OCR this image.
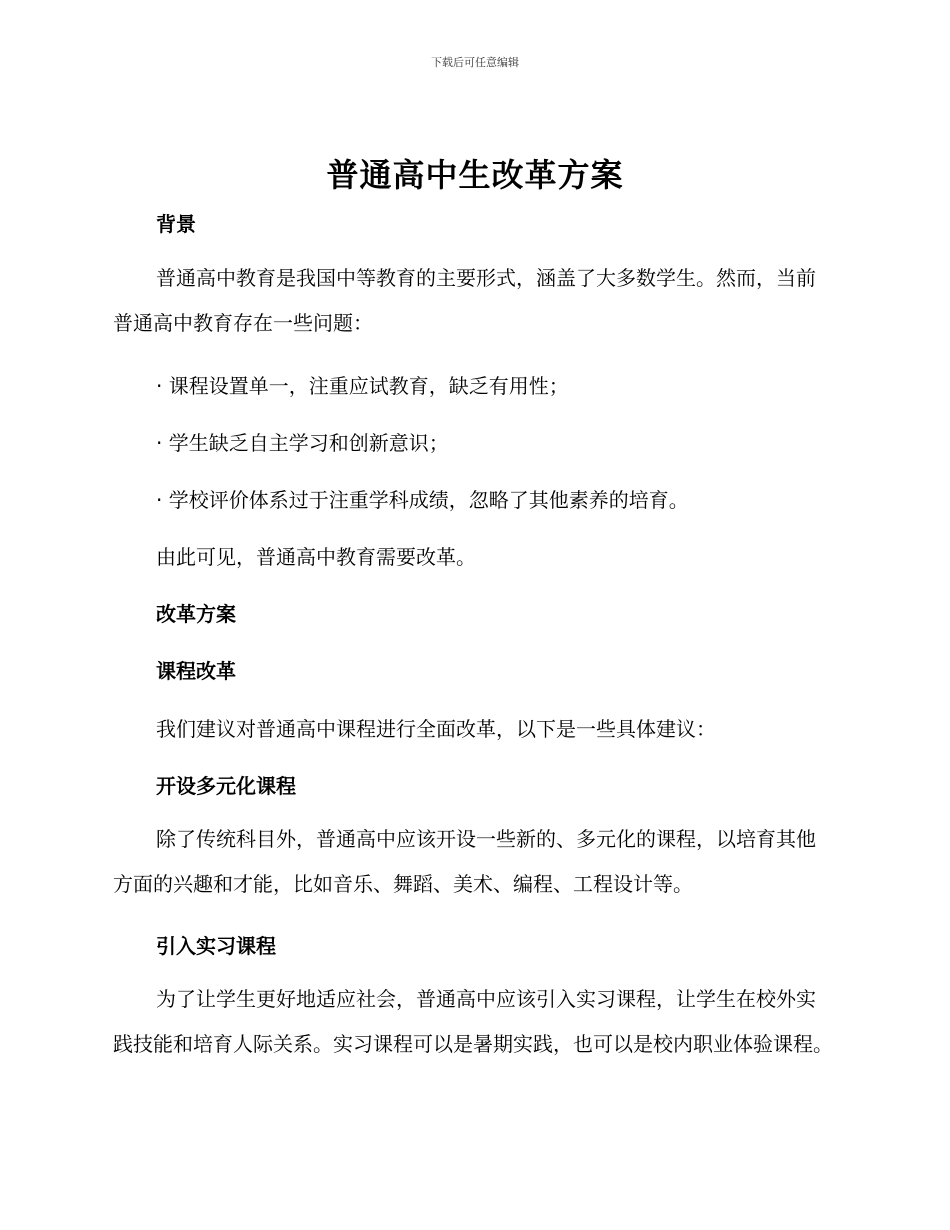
下载后可任意编辑
普通高中生改革方案
背景
普通高中教育是我国中等教育的主要形式，涵盖了大多数学生。然而，当前普通高中教育存在一些问题：
· 课程设置单一，注重应试教育，缺乏有用性；
· 学生缺乏自主学习和创新意识；
· 学校评价体系过于注重学科成绩，忽略了其他素养的培育。
由此可见，普通高中教育需要改革。
改革方案
课程改革
我们建议对普通高中课程进行全面改革，以下是一些具体建议：
开设多元化课程
除了传统科目外，普通高中应该开设一些新的、多元化的课程，以培育其他方面的兴趣和才能，比如音乐、舞蹈、美术、编程、工程设计等。
引入实习课程
为了让学生更好地适应社会，普通高中应该引入实习课程，让学生在校外实践技能和培育人际关系。实习课程可以是暑期实践，也可以是校内职业体验课程。
